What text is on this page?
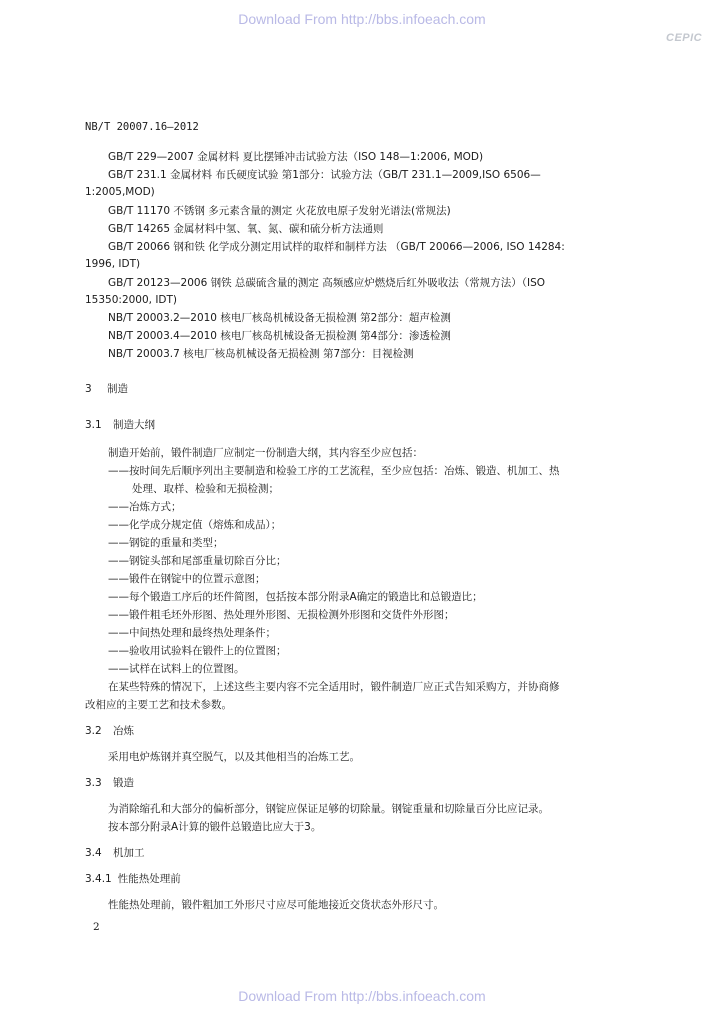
Download From http://bbs.infoeach.com
CEPIC
NB/T 20007.16—2012
GB/T 229—2007 金属材料 夏比摆锤冲击试验方法（ISO 148—1:2006, MOD)
GB/T 231.1 金属材料 布氏硬度试验 第1部分：试验方法（GB/T 231.1—2009,ISO 6506—
1:2005,MOD)
GB/T 11170 不锈钢 多元素含量的测定 火花放电原子发射光谱法(常规法)
GB/T 14265 金属材料中氢、氧、氮、碳和硫分析方法通则
GB/T 20066 钢和铁 化学成分测定用试样的取样和制样方法 （GB/T 20066—2006, ISO 14284:
1996, IDT)
GB/T 20123—2006 钢铁 总碳硫含量的测定 高频感应炉燃烧后红外吸收法（常规方法）（ISO
15350:2000, IDT)
NB/T 20003.2—2010 核电厂核岛机械设备无损检测 第2部分：超声检测
NB/T 20003.4—2010 核电厂核岛机械设备无损检测 第4部分：渗透检测
NB/T 20003.7 核电厂核岛机械设备无损检测 第7部分：目视检测
3 制造
3.1 制造大纲
制造开始前，锻件制造厂应制定一份制造大纲，其内容至少应包括：
——按时间先后顺序列出主要制造和检验工序的工艺流程，至少应包括：冶炼、锻造、机加工、热
处理、取样、检验和无损检测；
——冶炼方式；
——化学成分规定值（熔炼和成品）；
——钢锭的重量和类型；
——钢锭头部和尾部重量切除百分比；
——锻件在钢锭中的位置示意图；
——每个锻造工序后的坯件简图，包括按本部分附录A确定的锻造比和总锻造比；
——锻件粗毛坯外形图、热处理外形图、无损检测外形图和交货件外形图；
——中间热处理和最终热处理条件；
——验收用试验料在锻件上的位置图；
——试样在试料上的位置图。
在某些特殊的情况下，上述这些主要内容不完全适用时，锻件制造厂应正式告知采购方，并协商修
改相应的主要工艺和技术参数。
3.2 冶炼
采用电炉炼钢并真空脱气，以及其他相当的冶炼工艺。
3.3 锻造
为消除缩孔和大部分的偏析部分，钢锭应保证足够的切除量。钢锭重量和切除量百分比应记录。
按本部分附录A计算的锻件总锻造比应大于3。
3.4 机加工
3.4.1 性能热处理前
性能热处理前，锻件粗加工外形尺寸应尽可能地接近交货状态外形尺寸。
2
Download From http://bbs.infoeach.com
